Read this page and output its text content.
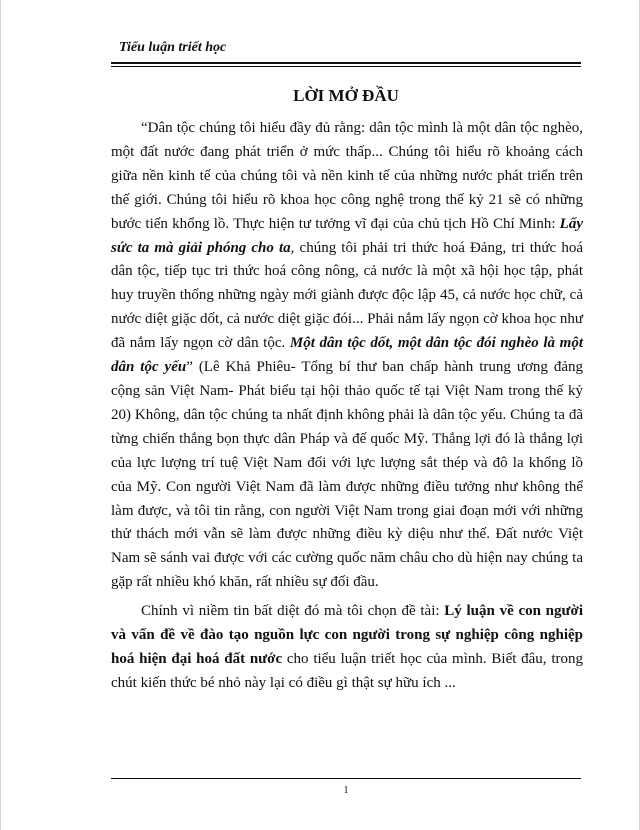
Tiểu luận triết học
LỜI MỞ ĐẦU

“Dân tộc chúng tôi hiểu đầy đủ rằng: dân tộc mình là một dân tộc nghèo, một đất nước đang phát triển ở mức thấp... Chúng tôi hiểu rõ khoảng cách giữa nền kinh tế của chúng tôi và nền kinh tế của những nước phát triển trên thế giới. Chúng tôi hiểu rõ khoa học công nghệ trong thế kỷ 21 sẽ có những bước tiến khổng lồ. Thực hiện tư tưởng vĩ đại của chủ tịch Hồ Chí Minh: Lấy sức ta mà giải phóng cho ta, chúng tôi phải tri thức hoá Đảng, tri thức hoá dân tộc, tiếp tục tri thức hoá công nông, cả nước là một xã hội học tập, phát huy truyền thống những ngày mới giành được độc lập 45, cả nước học chữ, cả nước diệt giặc dốt, cả nước diệt giặc đói... Phải nắm lấy ngọn cờ khoa học như đã nắm lấy ngọn cờ dân tộc. Một dân tộc dốt, một dân tộc đói nghèo là một dân tộc yếu” (Lê Khả Phiêu- Tổng bí thư ban chấp hành trung ương đảng cộng sản Việt Nam- Phát biểu tại hội thảo quốc tế tại Việt Nam trong thế kỷ 20) Không, dân tộc chúng ta nhất định không phải là dân tộc yếu. Chúng ta đã từng chiến thắng bọn thực dân Pháp và đế quốc Mỹ. Thắng lợi đó là thắng lợi của lực lượng trí tuệ Việt Nam đối với lực lượng sắt thép và đô la khổng lồ của Mỹ. Con người Việt Nam đã làm được những điều tưởng như không thể làm được, và tôi tin rằng, con người Việt Nam trong giai đoạn mới với những thử thách mới vẫn sẽ làm được những điều kỳ diệu như thế. Đất nước Việt Nam sẽ sánh vai được với các cường quốc năm châu cho dù hiện nay chúng ta gặp rất nhiều khó khăn, rất nhiều sự đối đầu.

Chính vì niềm tin bất diệt đó mà tôi chọn đề tài: Lý luận về con người và vấn đề về đào tạo nguồn lực con người trong sự nghiệp công nghiệp hoá hiện đại hoá đất nước cho tiểu luận triết học của mình. Biết đâu, trong chút kiến thức bé nhỏ này lại có điều gì thật sự hữu ích ...

1
